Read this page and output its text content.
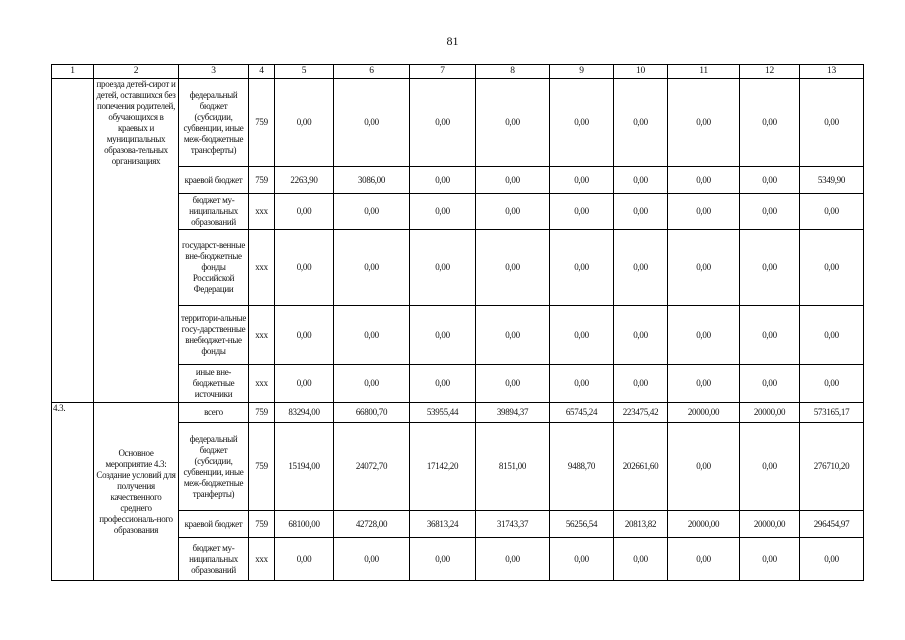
81
1	2	3	4	5	6	7	8	9	10	11	12	13
	проезда детей-сирот и детей, оставшихся без попечения родителей, обучающихся в краевых и муниципальных образова-тельных организациях	федеральный бюджет (субсидии, субвенции, иные меж-бюджетные трансферты)	759	0,00	0,00	0,00	0,00	0,00	0,00	0,00	0,00	0,00
		краевой бюджет	759	2263,90	3086,00	0,00	0,00	0,00	0,00	0,00	0,00	5349,90
		бюджет му-ниципальных образований	ххх	0,00	0,00	0,00	0,00	0,00	0,00	0,00	0,00	0,00
		государст-венные вне-бюджетные фонды Российской Федерации	ххх	0,00	0,00	0,00	0,00	0,00	0,00	0,00	0,00	0,00
		территори-альные госу-дарственные внебюджет-ные фонды	ххх	0,00	0,00	0,00	0,00	0,00	0,00	0,00	0,00	0,00
		иные вне-бюджетные источники	ххх	0,00	0,00	0,00	0,00	0,00	0,00	0,00	0,00	0,00
4.3.	Основное мероприятие 4.3: Создание условий для получения качественного среднего профессиональ-ного образования	всего	759	83294,00	66800,70	53955,44	39894,37	65745,24	223475,42	20000,00	20000,00	573165,17
		федеральный бюджет (субсидии, субвенции, иные меж-бюджетные транферты)	759	15194,00	24072,70	17142,20	8151,00	9488,70	202661,60	0,00	0,00	276710,20
		краевой бюджет	759	68100,00	42728,00	36813,24	31743,37	56256,54	20813,82	20000,00	20000,00	296454,97
		бюджет му-ниципальных образований	ххх	0,00	0,00	0,00	0,00	0,00	0,00	0,00	0,00	0,00
